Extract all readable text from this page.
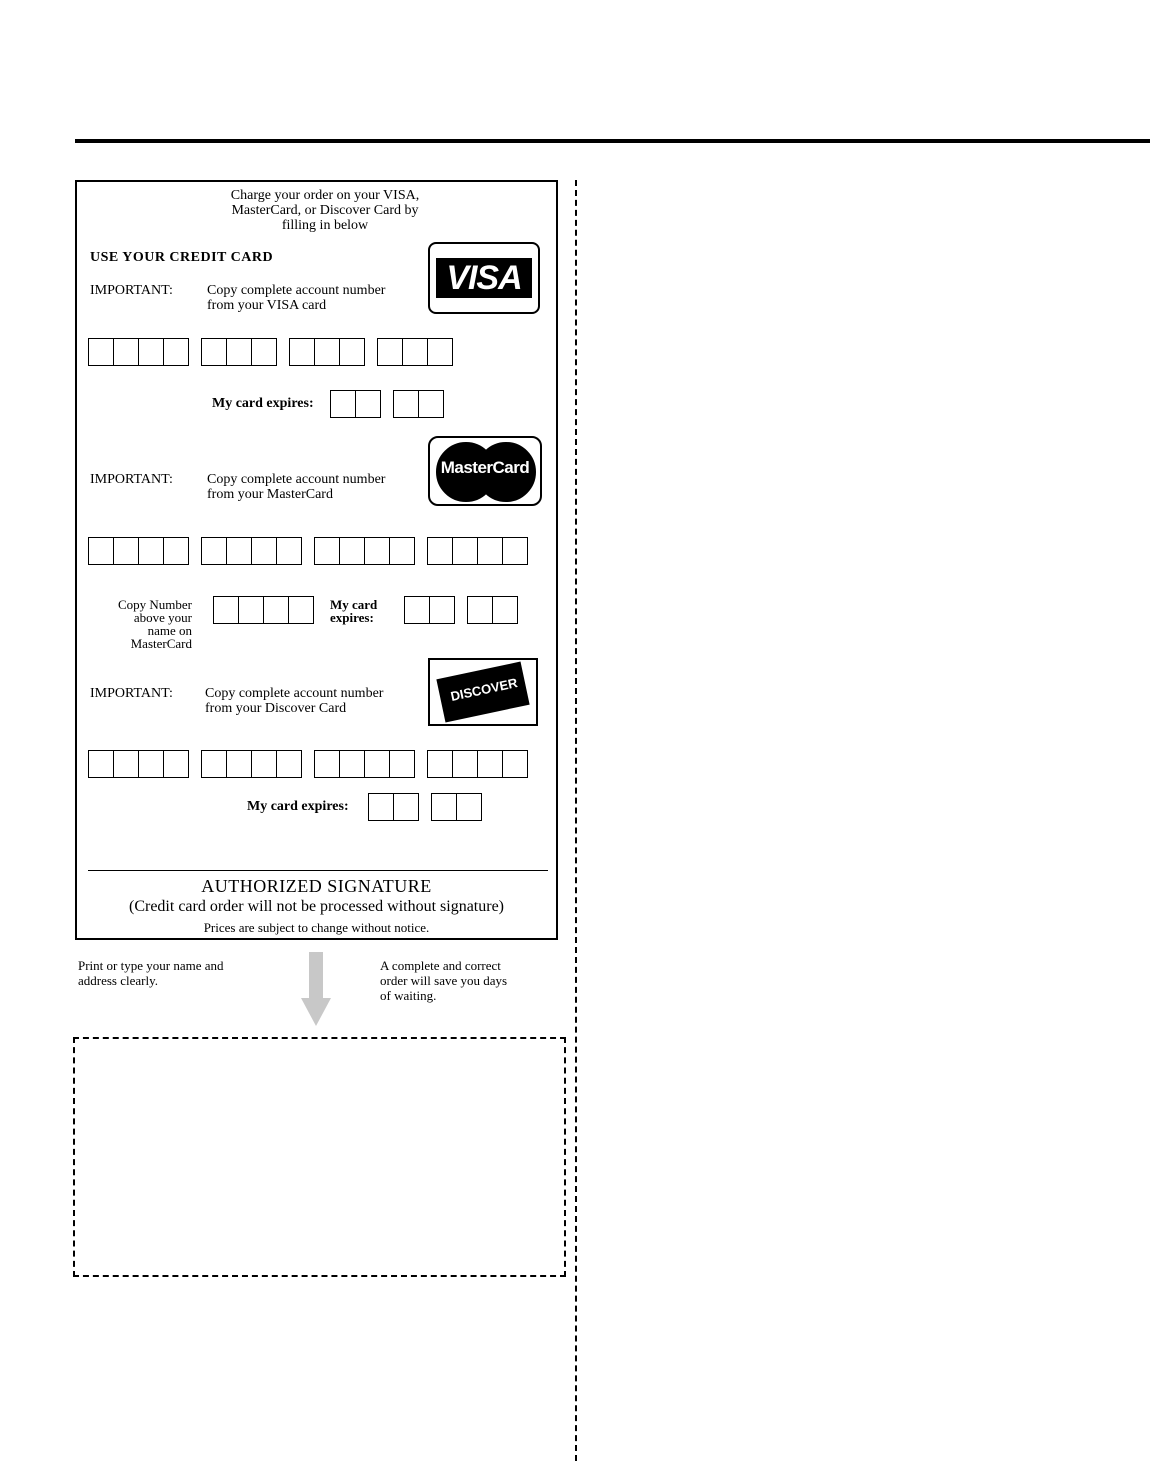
Charge your order on your VISA,
MasterCard, or Discover Card by
filling in below
USE YOUR CREDIT CARD
IMPORTANT: Copy complete account number
from your VISA card
VISA
My card expires:
IMPORTANT: Copy complete account number
from your MasterCard
MasterCard
Copy Number
above your
name on
MasterCard
My card
expires:
IMPORTANT: Copy complete account number
from your Discover Card
DISCOVER
My card expires:
AUTHORIZED SIGNATURE
(Credit card order will not be processed without signature)
Prices are subject to change without notice.
Print or type your name and
address clearly.
A complete and correct
order will save you days
of waiting.
